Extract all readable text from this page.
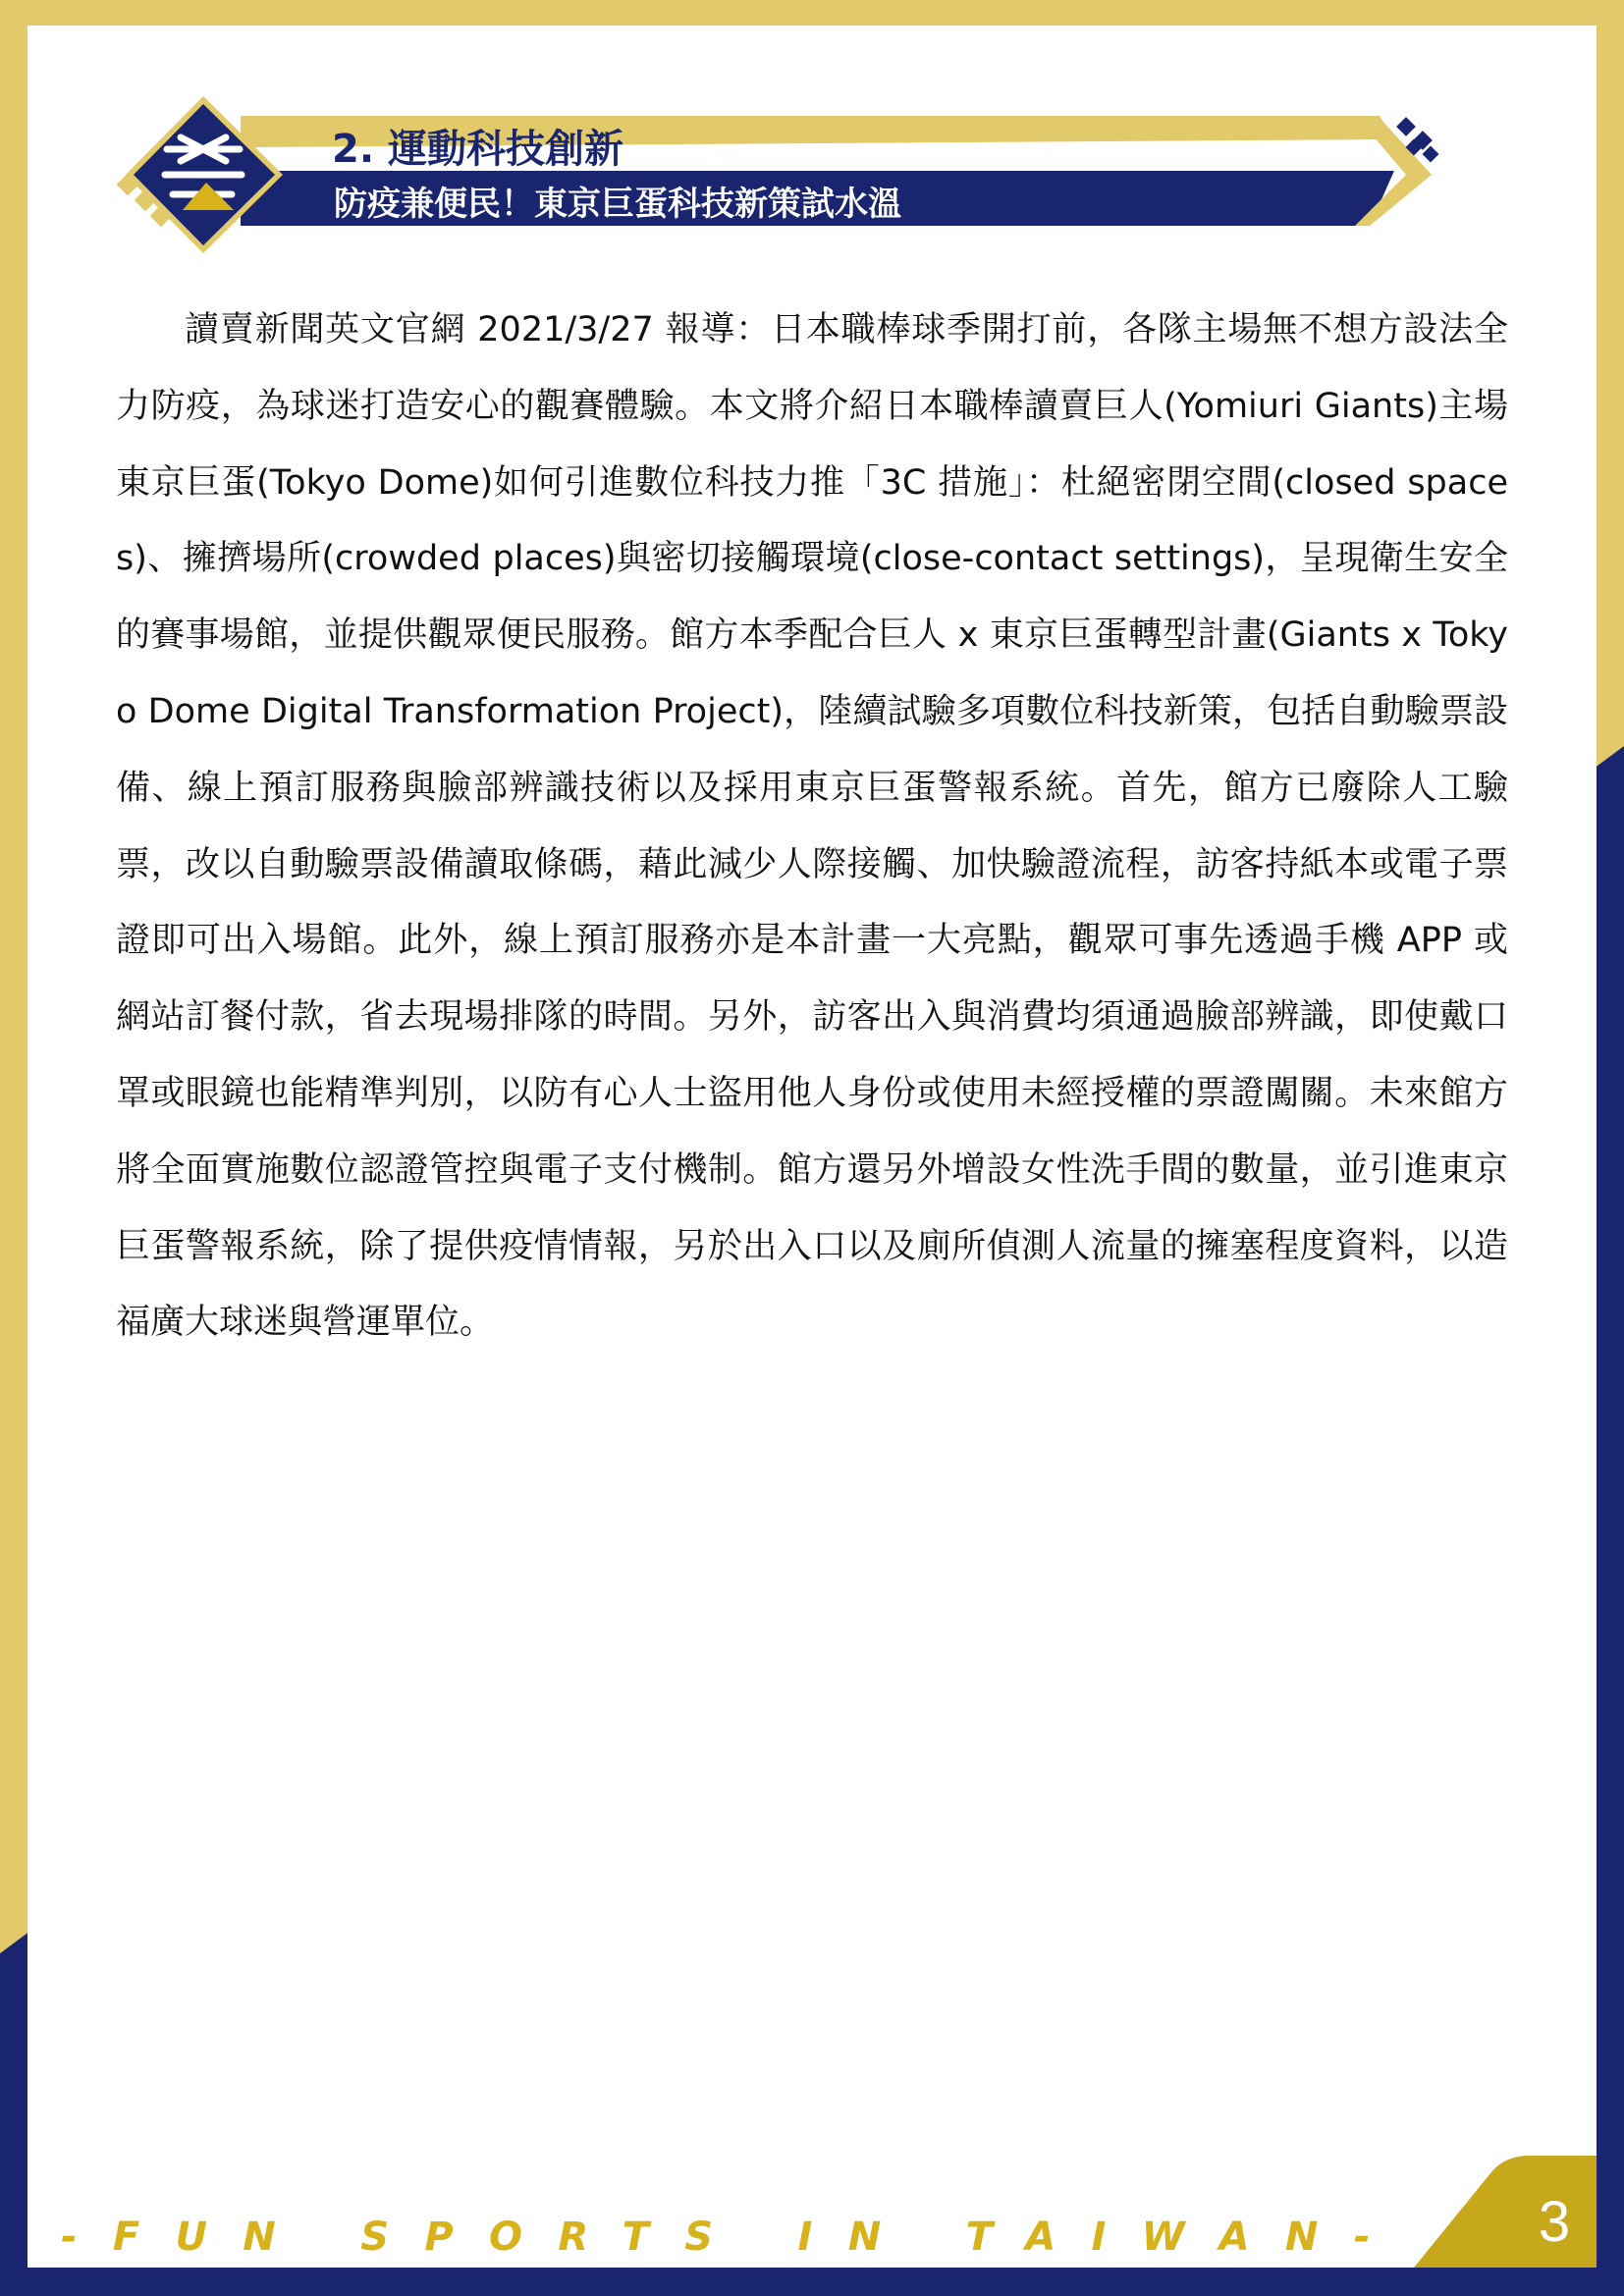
2. 運動科技創新
防疫兼便民！東京巨蛋科技新策試水溫

讀賣新聞英文官網 2021/3/27 報導：日本職棒球季開打前，各隊主場無不想方設法全力防疫，為球迷打造安心的觀賽體驗。本文將介紹日本職棒讀賣巨人(Yomiuri Giants)主場東京巨蛋(Tokyo Dome)如何引進數位科技力推「3C 措施」：杜絕密閉空間(closed spaces)、擁擠場所(crowded places)與密切接觸環境(close-contact settings)，呈現衛生安全的賽事場館，並提供觀眾便民服務。館方本季配合巨人 x 東京巨蛋轉型計畫(Giants x Tokyo Dome Digital Transformation Project)，陸續試驗多項數位科技新策，包括自動驗票設備、線上預訂服務與臉部辨識技術以及採用東京巨蛋警報系統。首先，館方已廢除人工驗票，改以自動驗票設備讀取條碼，藉此減少人際接觸、加快驗證流程，訪客持紙本或電子票證即可出入場館。此外，線上預訂服務亦是本計畫一大亮點，觀眾可事先透過手機 APP 或網站訂餐付款，省去現場排隊的時間。另外，訪客出入與消費均須通過臉部辨識，即使戴口罩或眼鏡也能精準判別，以防有心人士盜用他人身份或使用未經授權的票證闖關。未來館方將全面實施數位認證管控與電子支付機制。館方還另外增設女性洗手間的數量，並引進東京巨蛋警報系統，除了提供疫情情報，另於出入口以及廁所偵測人流量的擁塞程度資料，以造福廣大球迷與營運單位。

3
-FUN SPORTS IN TAIWAN-
